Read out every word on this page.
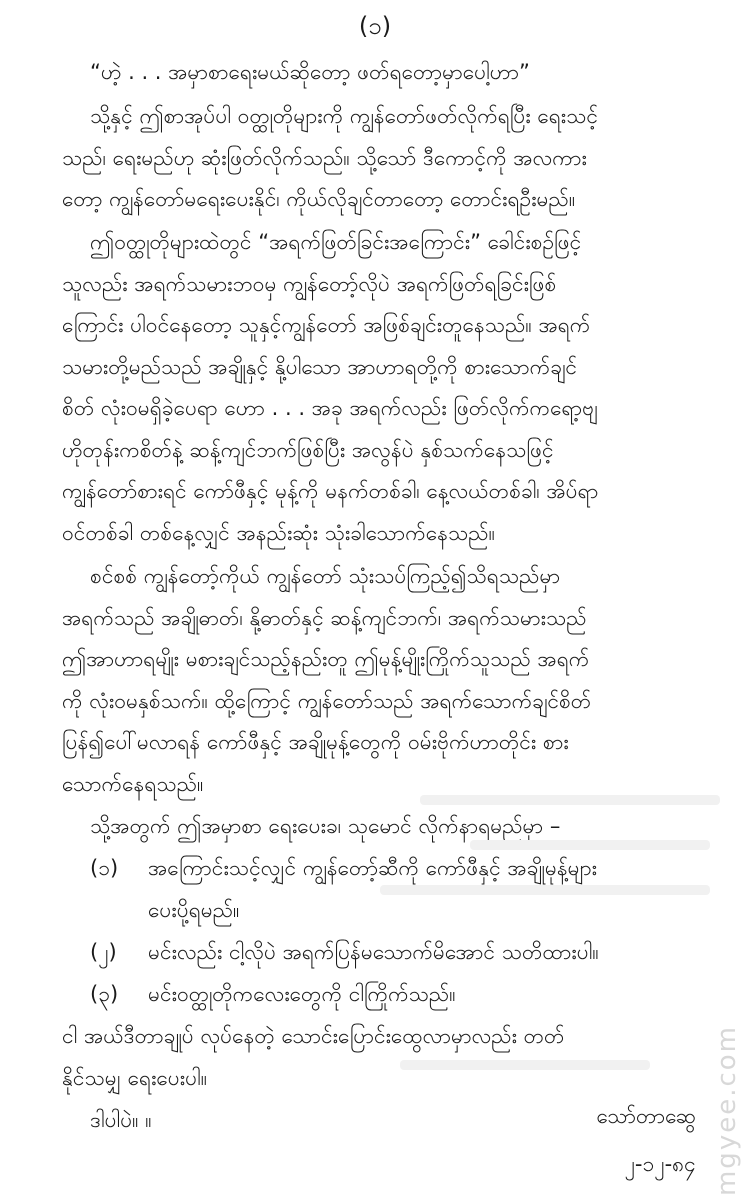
(၁)
“ဟဲ့ . . . အမှာစာရေးမယ်ဆိုတော့ ဖတ်ရတော့မှာပေါ့ဟာ”
သို့နှင့် ဤစာအုပ်ပါ ဝတ္ထုတိုများကို ကျွန်တော်ဖတ်လိုက်ရပြီး ရေးသင့်
သည်၊ ရေးမည်ဟု ဆုံးဖြတ်လိုက်သည်။ သို့သော် ဒီကောင့်ကို အလကား
တော့ ကျွန်တော်မရေးပေးနိုင်၊ ကိုယ်လိုချင်တာတော့ တောင်းရဦးမည်။
ဤဝတ္ထုတိုများထဲတွင် “အရက်ဖြတ်ခြင်းအကြောင်း” ခေါင်းစဉ်ဖြင့်
သူလည်း အရက်သမားဘဝမှ ကျွန်တော့်လိုပဲ အရက်ဖြတ်ရခြင်းဖြစ်
ကြောင်း ပါဝင်နေတော့ သူနှင့်ကျွန်တော် အဖြစ်ချင်းတူနေသည်။ အရက်
သမားတို့မည်သည် အချိုနှင့် နို့ပါသော အာဟာရတို့ကို စားသောက်ချင်
စိတ် လုံးဝမရှိခဲ့ပေရာ ဟော . . . အခု အရက်လည်း ဖြတ်လိုက်ကရော့ဗျ
ဟိုတုန်းကစိတ်နဲ့ ဆန့်ကျင်ဘက်ဖြစ်ပြီး အလွန်ပဲ နှစ်သက်နေသဖြင့်
ကျွန်တော်စားရင် ကော်ဖီနှင့် မုန့်ကို မနက်တစ်ခါ၊ နေ့လယ်တစ်ခါ၊ အိပ်ရာ
ဝင်တစ်ခါ တစ်နေ့လျှင် အနည်းဆုံး သုံးခါသောက်နေသည်။
စင်စစ် ကျွန်တော့်ကိုယ် ကျွန်တော် သုံးသပ်ကြည့်၍သိရသည်မှာ
အရက်သည် အချိုဓာတ်၊ နို့ဓာတ်နှင့် ဆန့်ကျင်ဘက်၊ အရက်သမားသည်
ဤအာဟာရမျိုး မစားချင်သည့်နည်းတူ ဤမုန့်မျိုးကြိုက်သူသည် အရက်
ကို လုံးဝမနှစ်သက်။ ထို့ကြောင့် ကျွန်တော်သည် အရက်သောက်ချင်စိတ်
ပြန်၍ပေါ်မလာရန် ကော်ဖီနှင့် အချိုမုန့်တွေကို ဝမ်းဗိုက်ဟာတိုင်း စား
သောက်နေရသည်။
သို့အတွက် ဤအမှာစာ ရေးပေးခ၊ သုမောင် လိုက်နာရမည်မှာ –
(၁) အကြောင်းသင့်လျှင် ကျွန်တော့်ဆီကို ကော်ဖီနှင့် အချိုမုန့်များ
ပေးပို့ရမည်။
(၂) မင်းလည်း ငါ့လိုပဲ အရက်ပြန်မသောက်မိအောင် သတိထားပါ။
(၃) မင်းဝတ္ထုတိုကလေးတွေကို ငါကြိုက်သည်။
ငါ အယ်ဒီတာချုပ် လုပ်နေတဲ့ သောင်းပြောင်းထွေလာမှာလည်း တတ်
နိုင်သမျှ ရေးပေးပါ။
ဒါပါပဲ။ ။	သော်တာဆွေ
၂-၁၂-၈၄ mgyee.com
